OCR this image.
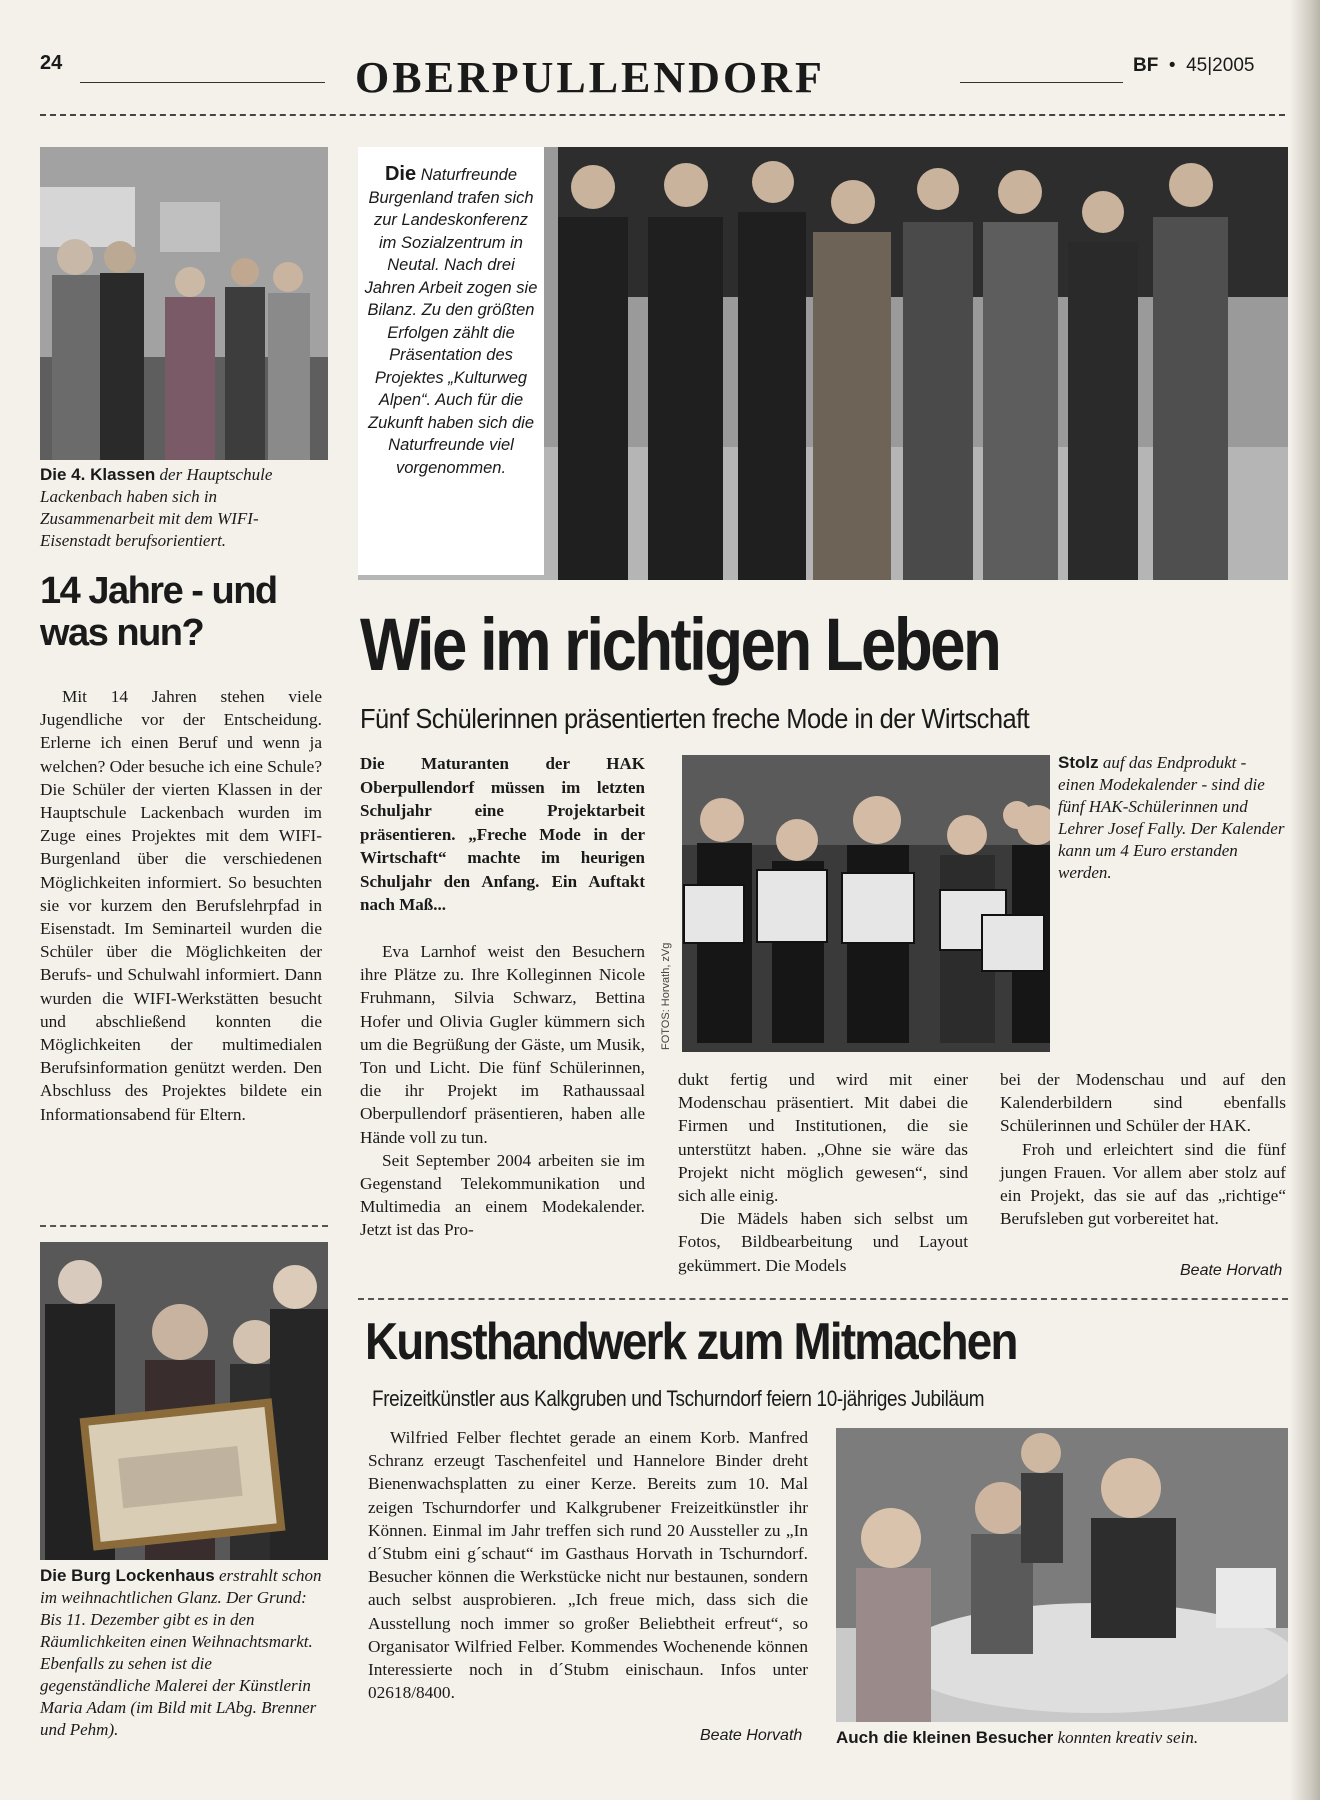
24	OBERPULLENDORF	BF  •  45|2005
Die 4. Klassen der Hauptschule Lackenbach haben sich in Zusammenarbeit mit dem WIFI-Eisenstadt berufsorientiert.
14 Jahre - und
was nun?

Mit 14 Jahren stehen viele Jugendliche vor der Entscheidung. Erlerne ich einen Beruf und wenn ja welchen? Oder besuche ich eine Schule? Die Schüler der vierten Klassen in der Hauptschule Lackenbach wurden im Zuge eines Projektes mit dem WIFI-Burgenland über die verschiedenen Möglichkeiten informiert. So besuchten sie vor kurzem den Berufslehrpfad in Eisenstadt. Im Seminarteil wurden die Schüler über die Möglichkeiten der Berufs- und Schulwahl informiert. Dann wurden die WIFI-Werkstätten besucht und abschließend konnten die Möglichkeiten der multimedialen Berufsinformation genützt werden. Den Abschluss des Projektes bildete ein Informationsabend für Eltern.

Die Burg Lockenhaus erstrahlt schon im weihnachtlichen Glanz. Der Grund: Bis 11. Dezember gibt es in den Räumlichkeiten einen Weihnachtsmarkt. Ebenfalls zu sehen ist die gegenständliche Malerei der Künstlerin Maria Adam (im Bild mit LAbg. Brenner und Pehm).
Die Naturfreunde Burgenland trafen sich zur Landeskonferenz im Sozialzentrum in Neutal. Nach drei Jahren Arbeit zogen sie Bilanz. Zu den größten Erfolgen zählt die Präsentation des Projektes „Kulturweg Alpen“. Auch für die Zukunft haben sich die Naturfreunde viel vorgenommen.
Wie im richtigen Leben
Fünf Schülerinnen präsentierten freche Mode in der Wirtschaft
Die Maturanten der HAK Oberpullendorf müssen im letzten Schuljahr eine Projektarbeit präsentieren. „Freche Mode in der Wirtschaft“ machte im heurigen Schuljahr den Anfang. Ein Auftakt nach Maß...

Eva Larnhof weist den Besuchern ihre Plätze zu. Ihre Kolleginnen Nicole Fruhmann, Silvia Schwarz, Bettina Hofer und Olivia Gugler kümmern sich um die Begrüßung der Gäste, um Musik, Ton und Licht. Die fünf Schülerinnen, die ihr Projekt im Rathaussaal Oberpullendorf präsentieren, haben alle Hände voll zu tun.

Seit September 2004 arbeiten sie im Gegenstand Telekommunikation und Multimedia an einem Modekalender. Jetzt ist das Pro-

FOTOS: Horvath, zVg
Stolz auf das Endprodukt - einen Modekalender - sind die fünf HAK-Schülerinnen und Lehrer Josef Fally. Der Kalender kann um 4 Euro erstanden werden.

dukt fertig und wird mit einer Modenschau präsentiert. Mit dabei die Firmen und Institutionen, die sie unterstützt haben. „Ohne sie wäre das Projekt nicht möglich gewesen“, sind sich alle einig.

Die Mädels haben sich selbst um Fotos, Bildbearbeitung und Layout gekümmert. Die Models

bei der Modenschau und auf den Kalenderbildern sind ebenfalls Schülerinnen und Schüler der HAK.

Froh und erleichtert sind die fünf jungen Frauen. Vor allem aber stolz auf ein Projekt, das sie auf das „richtige“ Berufsleben gut vorbereitet hat.

Beate Horvath
Kunsthandwerk zum Mitmachen
Freizeitkünstler aus Kalkgruben und Tschurndorf feiern 10-jähriges Jubiläum

Wilfried Felber flechtet gerade an einem Korb. Manfred Schranz erzeugt Taschenfeitel und Hannelore Binder dreht Bienenwachsplatten zu einer Kerze. Bereits zum 10. Mal zeigen Tschurndorfer und Kalkgrubener Freizeitkünstler ihr Können. Einmal im Jahr treffen sich rund 20 Aussteller zu „In d´Stubm eini g´schaut“ im Gasthaus Horvath in Tschurndorf. Besucher können die Werkstücke nicht nur bestaunen, sondern auch selbst ausprobieren. „Ich freue mich, dass sich die Ausstellung noch immer so großer Beliebtheit erfreut“, so Organisator Wilfried Felber. Kommendes Wochenende können Interessierte noch in d´Stubm einischaun. Infos unter 02618/8400.

Beate Horvath Auch die kleinen Besucher konnten kreativ sein.
